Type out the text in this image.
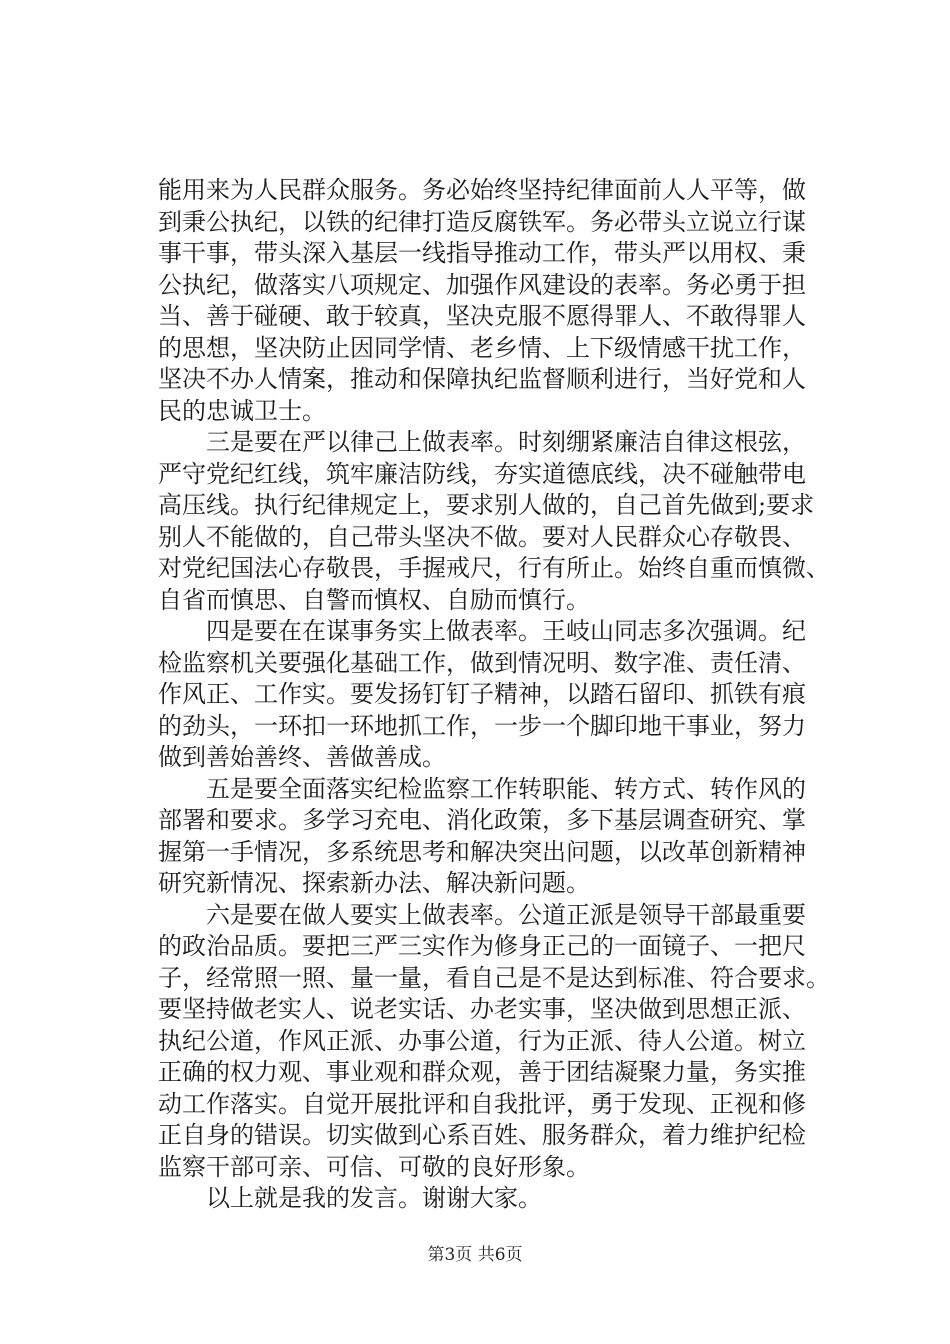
能用来为人民群众服务。务必始终坚持纪律面前人人平等，做
到秉公执纪，以铁的纪律打造反腐铁军。务必带头立说立行谋
事干事，带头深入基层一线指导推动工作，带头严以用权、秉
公执纪，做落实八项规定、加强作风建设的表率。务必勇于担
当、善于碰硬、敢于较真，坚决克服不愿得罪人、不敢得罪人
的思想，坚决防止因同学情、老乡情、上下级情感干扰工作，
坚决不办人情案，推动和保障执纪监督顺利进行，当好党和人
民的忠诚卫士。
　　三是要在严以律己上做表率。时刻绷紧廉洁自律这根弦，
严守党纪红线，筑牢廉洁防线，夯实道德底线，决不碰触带电
高压线。执行纪律规定上，要求别人做的，自己首先做到;要求
别人不能做的，自己带头坚决不做。要对人民群众心存敬畏、
对党纪国法心存敬畏，手握戒尺，行有所止。始终自重而慎微、
自省而慎思、自警而慎权、自励而慎行。
　　四是要在在谋事务实上做表率。王岐山同志多次强调。纪
检监察机关要强化基础工作，做到情况明、数字准、责任清、
作风正、工作实。要发扬钉钉子精神，以踏石留印、抓铁有痕
的劲头，一环扣一环地抓工作，一步一个脚印地干事业，努力
做到善始善终、善做善成。
　　五是要全面落实纪检监察工作转职能、转方式、转作风的
部署和要求。多学习充电、消化政策，多下基层调查研究、掌
握第一手情况，多系统思考和解决突出问题，以改革创新精神
研究新情况、探索新办法、解决新问题。
　　六是要在做人要实上做表率。公道正派是领导干部最重要
的政治品质。要把三严三实作为修身正己的一面镜子、一把尺
子，经常照一照、量一量，看自己是不是达到标准、符合要求。
要坚持做老实人、说老实话、办老实事，坚决做到思想正派、
执纪公道，作风正派、办事公道，行为正派、待人公道。树立
正确的权力观、事业观和群众观，善于团结凝聚力量，务实推
动工作落实。自觉开展批评和自我批评，勇于发现、正视和修
正自身的错误。切实做到心系百姓、服务群众，着力维护纪检
监察干部可亲、可信、可敬的良好形象。
　　以上就是我的发言。谢谢大家。
第3页 共6页
